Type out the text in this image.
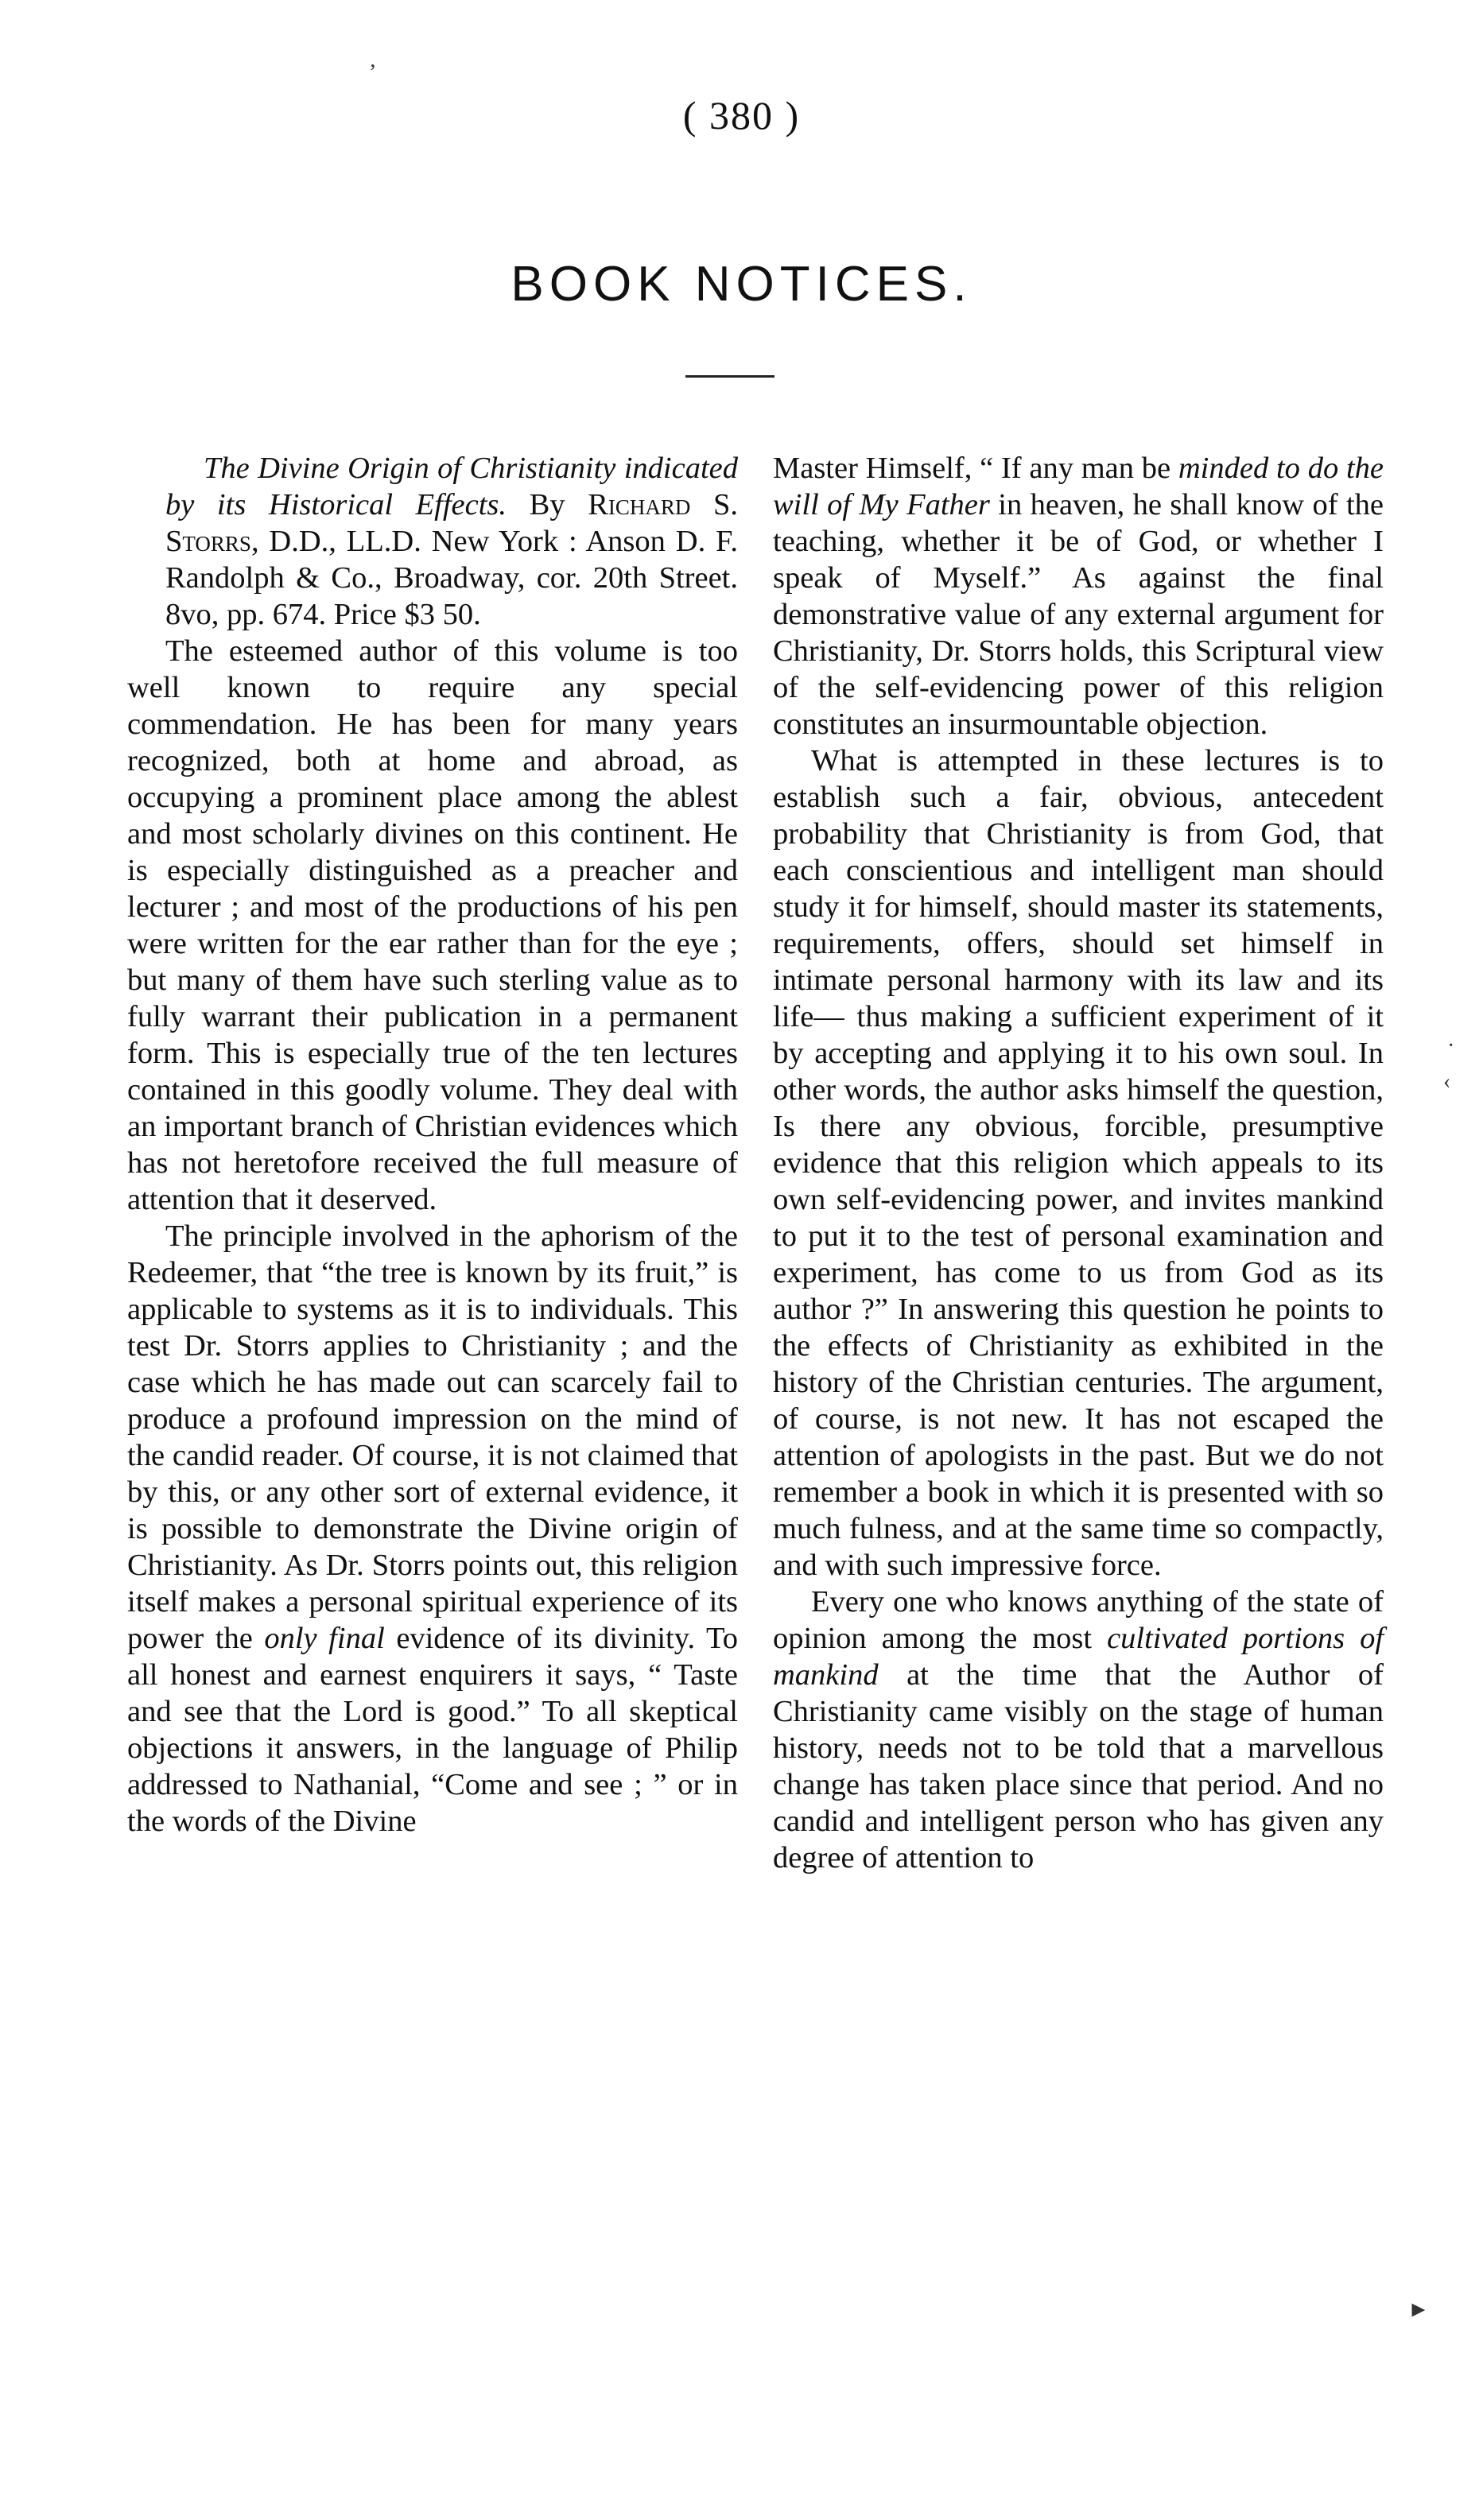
( 380 )
BOOK NOTICES.

The Divine Origin of Christianity indicated by its Historical Effects. By Richard S. Storrs, D.D., LL.D. New York : Anson D. F. Randolph & Co., Broadway, cor. 20th Street. 8vo, pp. 674. Price $3 50.

The esteemed author of this volume is too well known to require any special commendation. He has been for many years recognized, both at home and abroad, as occupying a prominent place among the ablest and most scholarly divines on this continent. He is especially distinguished as a preacher and lecturer ; and most of the productions of his pen were written for the ear rather than for the eye ; but many of them have such sterling value as to fully warrant their publication in a permanent form. This is especially true of the ten lectures contained in this goodly volume. They deal with an important branch of Christian evidences which has not heretofore received the full measure of attention that it deserved.

The principle involved in the aphorism of the Redeemer, that “the tree is known by its fruit,” is applicable to systems as it is to individuals. This test Dr. Storrs applies to Christianity ; and the case which he has made out can scarcely fail to produce a profound impression on the mind of the candid reader. Of course, it is not claimed that by this, or any other sort of external evidence, it is possible to demonstrate the Divine origin of Christianity. As Dr. Storrs points out, this religion itself makes a personal spiritual experience of its power the only final evidence of its divinity. To all honest and earnest enquirers it says, “ Taste and see that the Lord is good.” To all skeptical objections it answers, in the language of Philip addressed to Nathanial, “Come and see ; ” or in the words of the Divine

Master Himself, “ If any man be minded to do the will of My Father in heaven, he shall know of the teaching, whether it be of God, or whether I speak of Myself.” As against the final demonstrative value of any external argument for Christianity, Dr. Storrs holds, this Scriptural view of the self-evidencing power of this religion constitutes an insurmountable objection.

What is attempted in these lectures is to establish such a fair, obvious, antecedent probability that Christianity is from God, that each conscientious and intelligent man should study it for himself, should master its statements, requirements, offers, should set himself in intimate personal harmony with its law and its life— thus making a sufficient experiment of it by accepting and applying it to his own soul. In other words, the author asks himself the question, Is there any obvious, forcible, presumptive evidence that this religion which appeals to its own self-evidencing power, and invites mankind to put it to the test of personal examination and experiment, has come to us from God as its author ?” In answering this question he points to the effects of Christianity as exhibited in the history of the Christian centuries. The argument, of course, is not new. It has not escaped the attention of apologists in the past. But we do not remember a book in which it is presented with so much fulness, and at the same time so compactly, and with such impressive force.

Every one who knows anything of the state of opinion among the most cultivated portions of mankind at the time that the Author of Christianity came visibly on the stage of human history, needs not to be told that a marvellous change has taken place since that period. And no candid and intelligent person who has given any degree of attention to

‚
·
‹
►
